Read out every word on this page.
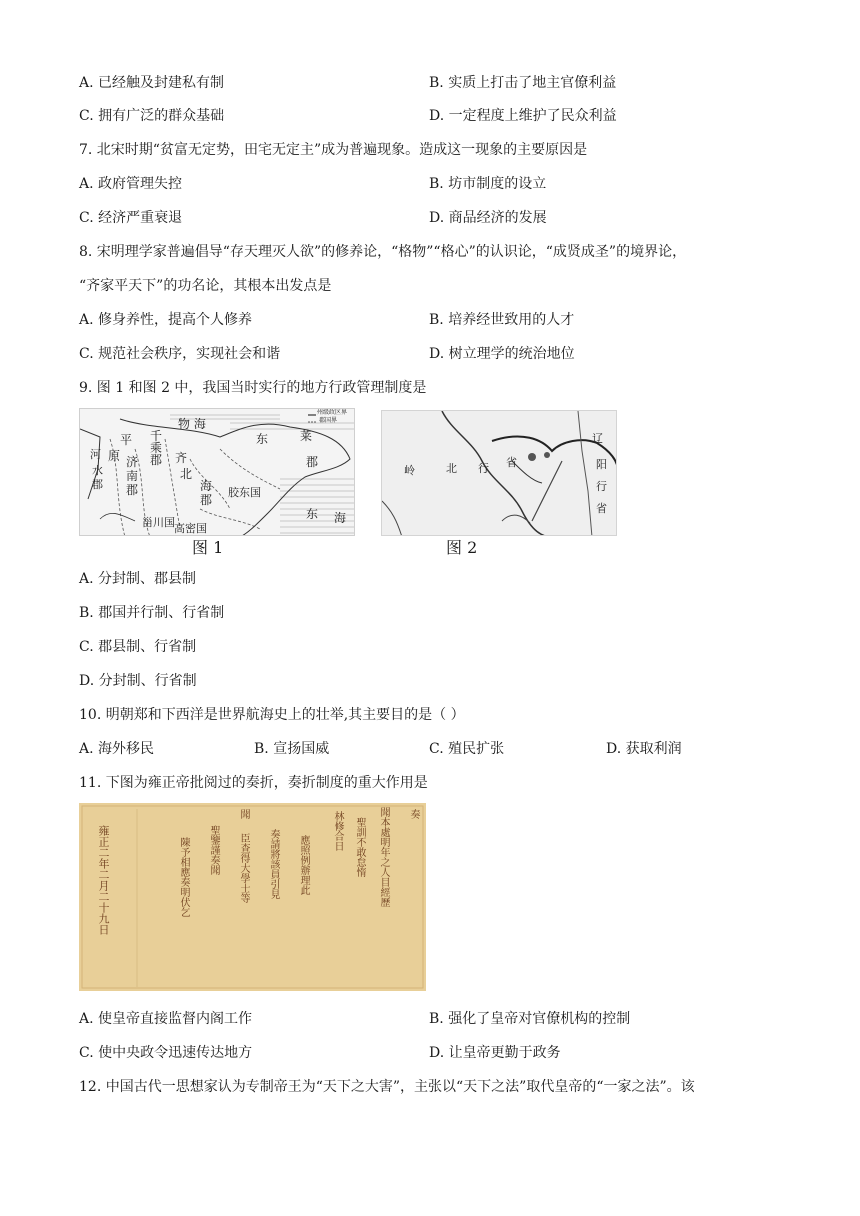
A. 已经触及封建私有制	B. 实质上打击了地主官僚利益
C. 拥有广泛的群众基础	D. 一定程度上维护了民众利益
7. 北宋时期“贫富无定势，田宅无定主”成为普遍现象。造成这一现象的主要原因是
A. 政府管理失控	B. 坊市制度的设立
C. 经济严重衰退	D. 商品经济的发展
8. 宋明理学家普遍倡导“存天理灭人欲”的修养论，“格物”“格心”的认识论，“成贤成圣”的境界论，
“齐家平天下”的功名论，其根本出发点是
A. 修身养性，提高个人修养	B. 培养经世致用的人才
C. 规范社会秩序，实现社会和谐	D. 树立理学的统治地位
9. 图 1 和图 2 中，我国当时实行的地方行政管理制度是
州级政区界
郡国界
物 海
东	莱
郡
平 千
乘
郡
原 济
南
郡
齐
北
海
郡
胶东国
河
水
郡
甾川国 高密国
东 海
辽
阳
行
省
岭	北 行 省
图 1	图 2
A. 分封制、郡县制
B. 郡国并行制、行省制
C. 郡县制、行省制
D. 分封制、行省制
10. 明朝郑和下西洋是世界航海史上的壮举,其主要目的是（ ）
A. 海外移民	B. 宣扬国威	C. 殖民扩张	D. 获取利润
11. 下图为雍正帝批阅过的奏折，奏折制度的重大作用是
雍正二年二月二十九日
聞	奏
陳予相應奏明伏乞 聖鑒謹奏聞 臣查得大學士等 奏請將該員引見 應照例辦理此	聞本處明年之人目經歷
聖訓不敢怠惰
林修合日
A. 使皇帝直接监督内阁工作	B. 强化了皇帝对官僚机构的控制
C. 使中央政令迅速传达地方	D. 让皇帝更勤于政务
12. 中国古代一思想家认为专制帝王为“天下之大害”，主张以“天下之法”取代皇帝的“一家之法”。该
